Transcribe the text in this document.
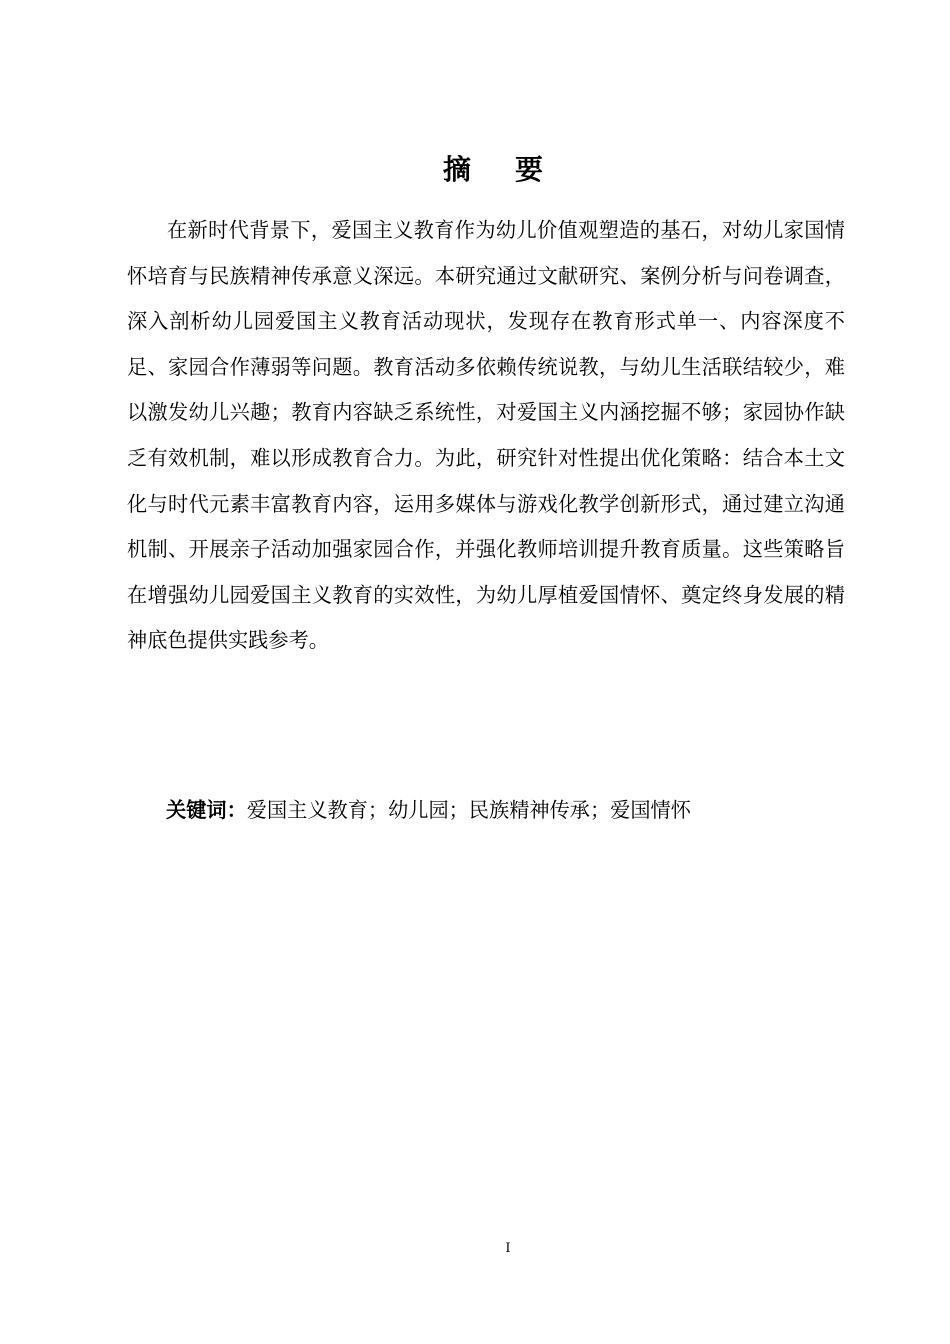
摘 要

在新时代背景下，爱国主义教育作为幼儿价值观塑造的基石，对幼儿家国情怀培育与民族精神传承意义深远。本研究通过文献研究、案例分析与问卷调查，深入剖析幼儿园爱国主义教育活动现状，发现存在教育形式单一、内容深度不足、家园合作薄弱等问题。教育活动多依赖传统说教，与幼儿生活联结较少，难以激发幼儿兴趣；教育内容缺乏系统性，对爱国主义内涵挖掘不够；家园协作缺乏有效机制，难以形成教育合力。为此，研究针对性提出优化策略：结合本土文化与时代元素丰富教育内容，运用多媒体与游戏化教学创新形式，通过建立沟通机制、开展亲子活动加强家园合作，并强化教师培训提升教育质量。这些策略旨在增强幼儿园爱国主义教育的实效性，为幼儿厚植爱国情怀、奠定终身发展的精神底色提供实践参考。

关键词：爱国主义教育；幼儿园；民族精神传承；爱国情怀
I
